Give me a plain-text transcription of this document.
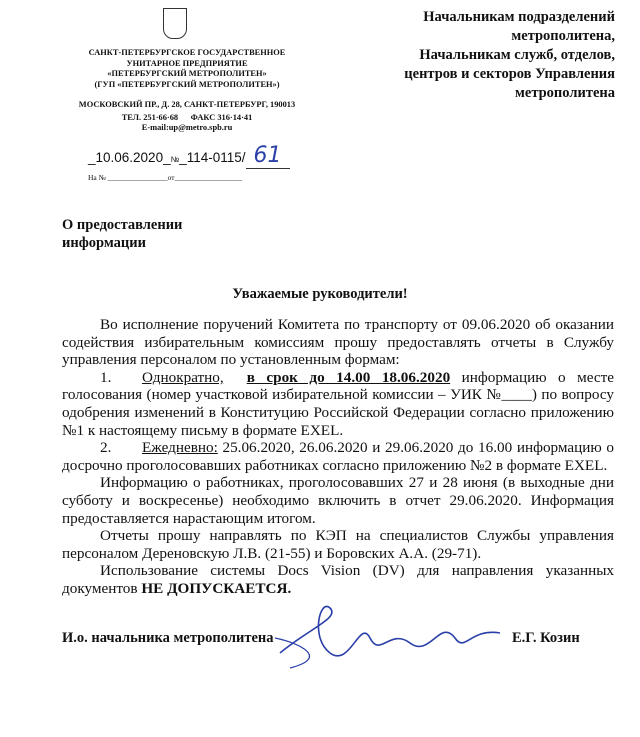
САНКТ-ПЕТЕРБУРГСКОЕ ГОСУДАРСТВЕННОЕ
УНИТАРНОЕ ПРЕДПРИЯТИЕ
«ПЕТЕРБУРГСКИЙ МЕТРОПОЛИТЕН»
(ГУП «ПЕТЕРБУРГСКИЙ МЕТРОПОЛИТЕН»)
МОСКОВСКИЙ ПР., Д. 28, САНКТ-ПЕТЕРБУРГ, 190013
ТЕЛ. 251·66·68 ФАКС 316·14·41
E-mail:up@metro.spb.ru
_10.06.2020_№_114-0115/ 61
На № ________________от__________________
Начальникам подразделений
метрополитена,
Начальникам служб, отделов,
центров и секторов Управления
метрополитена
О предоставлении
информации
Уважаемые руководители!

Во исполнение поручений Комитета по транспорту от 09.06.2020 об оказании содействия избирательным комиссиям прошу предоставлять отчеты в Службу управления персоналом по установленным формам:

1. Однократно, в срок до 14.00 18.06.2020 информацию о месте голосования (номер участковой избирательной комиссии – УИК №____) по вопросу одобрения изменений в Конституцию Российской Федерации согласно приложению №1 к настоящему письму в формате EXEL.

2. Ежедневно: 25.06.2020, 26.06.2020 и 29.06.2020 до 16.00 информацию о досрочно проголосовавших работниках согласно приложению №2 в формате EXEL.

Информацию о работниках, проголосовавших 27 и 28 июня (в выходные дни субботу и воскресенье) необходимо включить в отчет 29.06.2020. Информация предоставляется нарастающим итогом.

Отчеты прошу направлять по КЭП на специалистов Службы управления персоналом Дереновскую Л.В. (21-55) и Боровских А.А. (29-71).

Использование системы Docs Vision (DV) для направления указанных документов НЕ ДОПУСКАЕТСЯ.

И.о. начальника метрополитена	Е.Г. Козин
